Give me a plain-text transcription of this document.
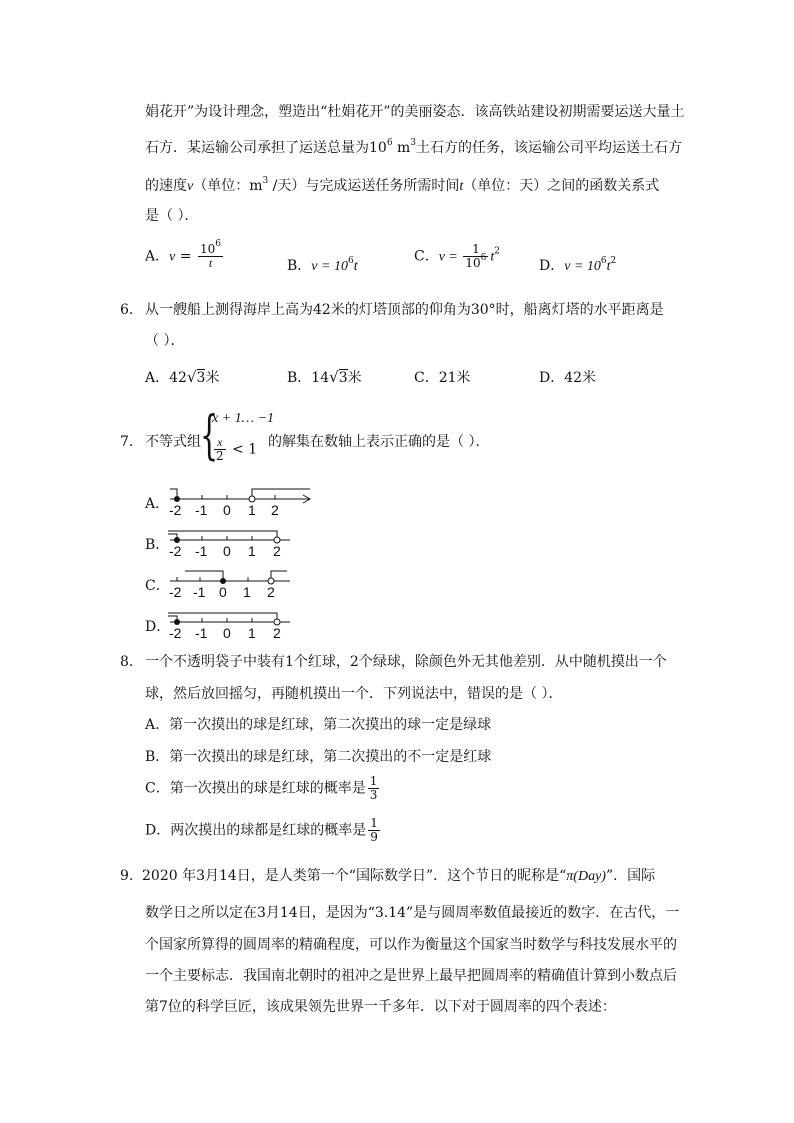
娟花开”为设计理念，塑造出“杜娟花开”的美丽姿态．该高铁站建设初期需要运送大量土
石方．某运输公司承担了运送总量为$10^6$ $m^3$土石方的任务，该运输公司平均运送土石方
的速度v（单位：$m^3$ /天）与完成运送任务所需时间t（单位：天）之间的函数关系式
是（ ）．
A．$v = \frac{10^6}{t}$	B．$v = 10^6t$
C．$v = \frac{1}{10^6} t^2$
D．$v = 10^6t^2$
6. 从一艘船上测得海岸上高为42米的灯塔顶部的仰角为30°时，船离灯塔的水平距离是
（ ）．
A．42√3米	B．14√3米	C．21米	D．42米
7. 不等式组 {
x + 1… −1
$\frac{x}{2} < 1$ 的解集在数轴上表示正确的是（ ）．
A． -2 -1 0 1 2
B． -2 -1 0 1 2
C． -2 -1 0 1 2
D．
-2 -1 0 1 2
8. 一个不透明袋子中装有1个红球，2个绿球，除颜色外无其他差别．从中随机摸出一个
球，然后放回摇匀，再随机摸出一个．下列说法中，错误的是（ ）．
A．第一次摸出的球是红球，第二次摸出的球一定是绿球
B．第一次摸出的球是红球，第二次摸出的不一定是红球
C．第一次摸出的球是红球的概率是 $\frac{1}{3}$
D．两次摸出的球都是红球的概率是 $\frac{1}{9}$
9. 2020 年3月14日，是人类第一个“国际数学日”．这个节日的昵称是“π(Day)”．国际
数学日之所以定在3月14日，是因为“3.14”是与圆周率数值最接近的数字．在古代，一
个国家所算得的圆周率的精确程度，可以作为衡量这个国家当时数学与科技发展水平的
一个主要标志．我国南北朝时的祖冲之是世界上最早把圆周率的精确值计算到小数点后
第7位的科学巨匠，该成果领先世界一千多年．以下对于圆周率的四个表述：
